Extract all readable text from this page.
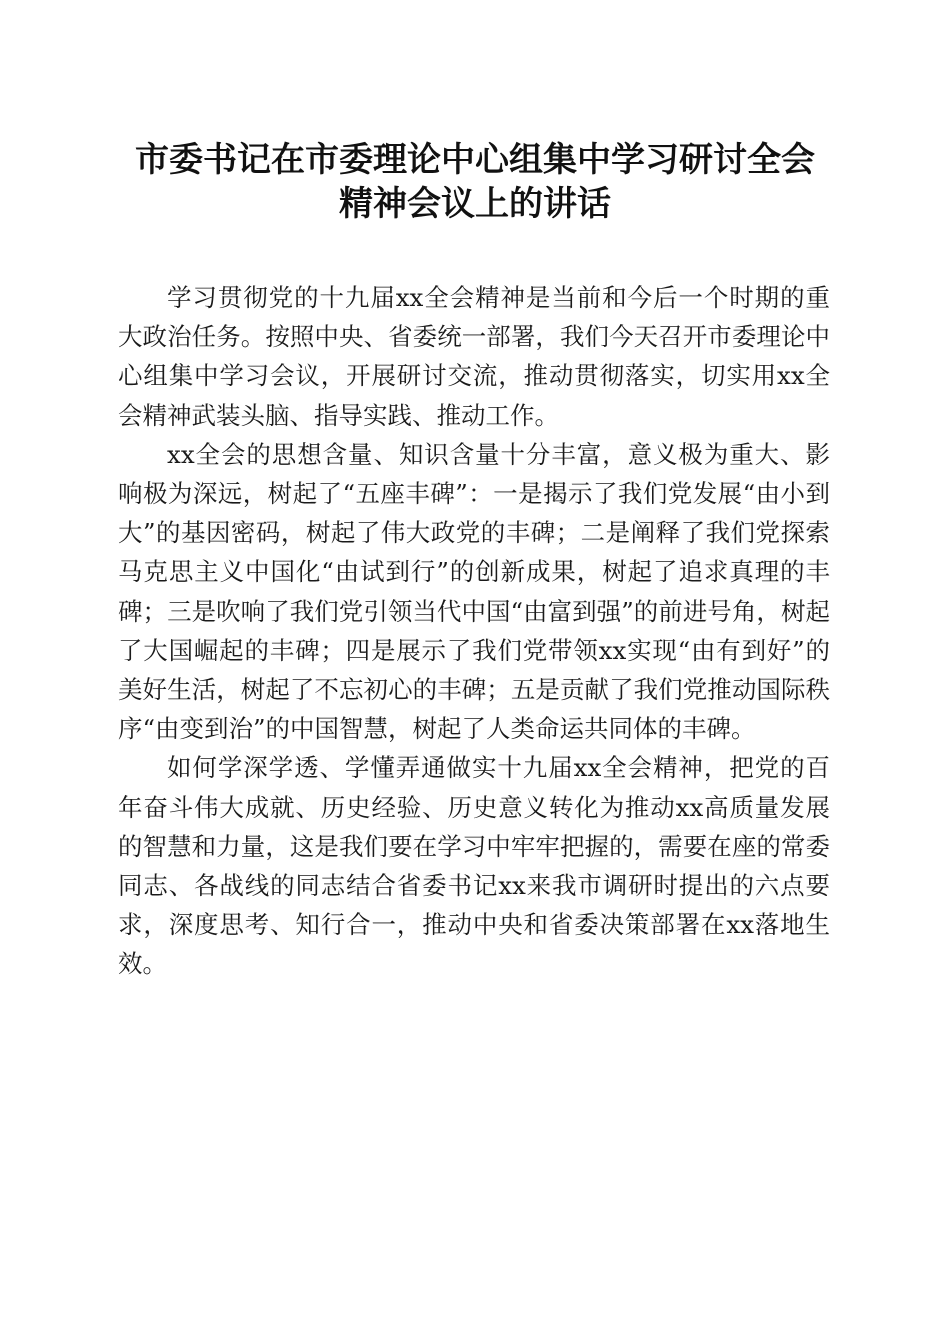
市委书记在市委理论中心组集中学习研讨全会
精神会议上的讲话

学习贯彻党的十九届xx全会精神是当前和今后一个时期的重大政治任务。按照中央、省委统一部署，我们今天召开市委理论中心组集中学习会议，开展研讨交流，推动贯彻落实，切实用xx全会精神武装头脑、指导实践、推动工作。

xx全会的思想含量、知识含量十分丰富，意义极为重大、影响极为深远，树起了“五座丰碑”：一是揭示了我们党发展“由小到大”的基因密码，树起了伟大政党的丰碑；二是阐释了我们党探索马克思主义中国化“由试到行”的创新成果，树起了追求真理的丰碑；三是吹响了我们党引领当代中国“由富到强”的前进号角，树起了大国崛起的丰碑；四是展示了我们党带领xx实现“由有到好”的美好生活，树起了不忘初心的丰碑；五是贡献了我们党推动国际秩序“由变到治”的中国智慧，树起了人类命运共同体的丰碑。

如何学深学透、学懂弄通做实十九届xx全会精神，把党的百年奋斗伟大成就、历史经验、历史意义转化为推动xx高质量发展的智慧和力量，这是我们要在学习中牢牢把握的，需要在座的常委同志、各战线的同志结合省委书记xx来我市调研时提出的六点要求，深度思考、知行合一，推动中央和省委决策部署在xx落地生效。
